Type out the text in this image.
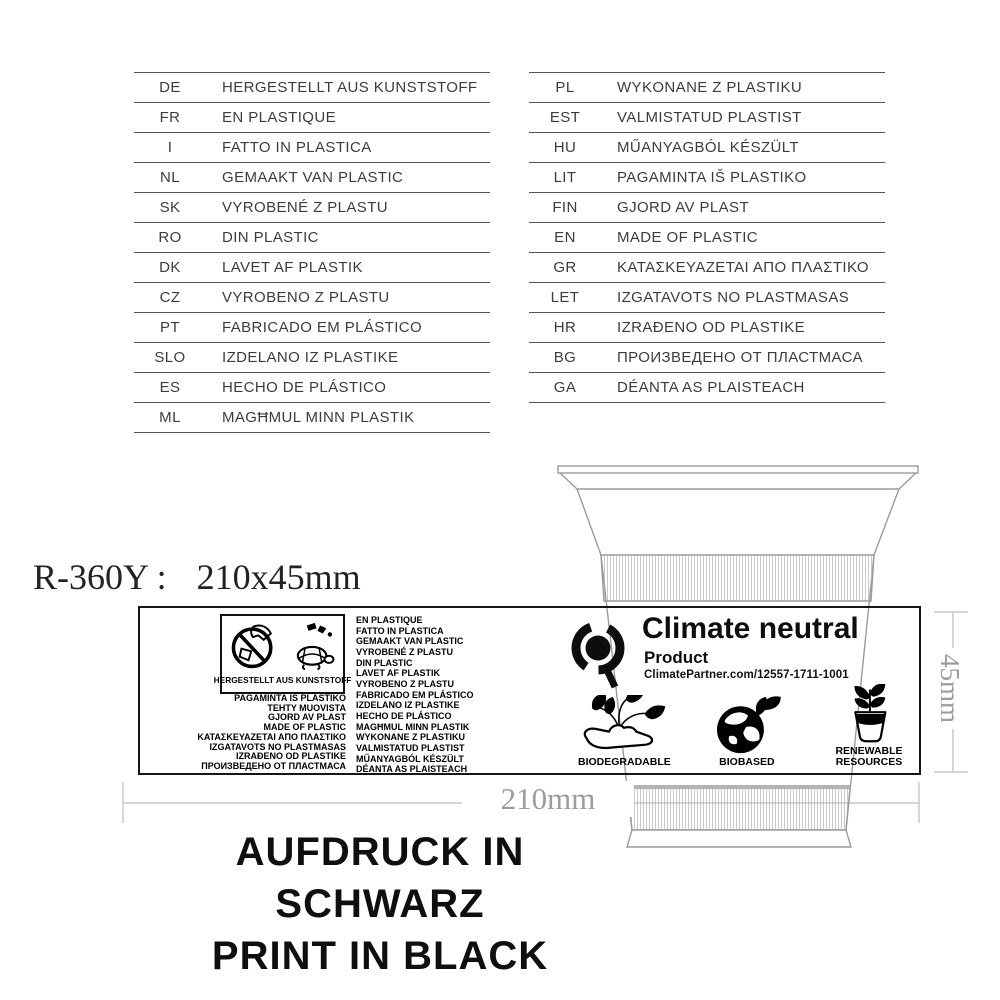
DE	HERGESTELLT AUS KUNSTSTOFF
FR	EN PLASTIQUE
I	FATTO IN PLASTICA
NL	GEMAAKT VAN PLASTIC
SK	VYROBENÉ Z PLASTU
RO	DIN PLASTIC
DK	LAVET AF PLASTIK
CZ	VYROBENO Z PLASTU
PT	FABRICADO EM PLÁSTICO
SLO	IZDELANO IZ PLASTIKE
ES	HECHO DE PLÁSTICO
ML	MAGĦMUL MINN PLASTIK
PL	WYKONANE Z PLASTIKU
EST	VALMISTATUD PLASTIST
HU	MŰANYAGBÓL KÉSZÜLT
LIT	PAGAMINTA IŠ PLASTIKO
FIN	GJORD AV PLAST
EN	MADE OF PLASTIC
GR	ΚΑΤΑΣΚΕΥΑΖΕΤΑΙ ΑΠΟ ΠΛΑΣΤΙΚΟ
LET	IZGATAVOTS NO PLASTMASAS
HR	IZRAĐENO OD PLASTIKE
BG	ПРОИЗВЕДЕНО ОТ ПЛАСТМАСА
GA	DÉANTA AS PLAISTEACH
R-360Y : 210x45mm
210mm
45mm
HERGESTELLT AUS KUNSTSTOFF
PAGAMINTA IŠ PLASTIKO
TEHTY MUOVISTA
GJORD AV PLAST
MADE OF PLASTIC
ΚΑΤΑΣΚΕΥΑΖΕΤΑΙ ΑΠΟ ΠΛΑΣΤΙΚΟ
IZGATAVOTS NO PLASTMASAS
IZRAĐENO OD PLASTIKE
ПРОИЗВЕДЕНО ОТ ПЛАСТМАСА
EN PLASTIQUE
FATTO IN PLASTICA
GEMAAKT VAN PLASTIC
VYROBENÉ Z PLASTU
DIN PLASTIC
LAVET AF PLASTIK
VYROBENO Z PLASTU
FABRICADO EM PLÁSTICO
IZDELANO IZ PLASTIKE
HECHO DE PLÁSTICO
MAGĦMUL MINN PLASTIK
WYKONANE Z PLASTIKU
VALMISTATUD PLASTIST
MŰANYAGBÓL KÉSZÜLT
DÉANTA AS PLAISTEACH
Climate neutral
Product
ClimatePartner.com/12557-1711-1001
BIODEGRADABLE	BIOBASED
RENEWABLE RESOURCES
AUFDRUCK IN SCHWARZ
PRINT IN BLACK
